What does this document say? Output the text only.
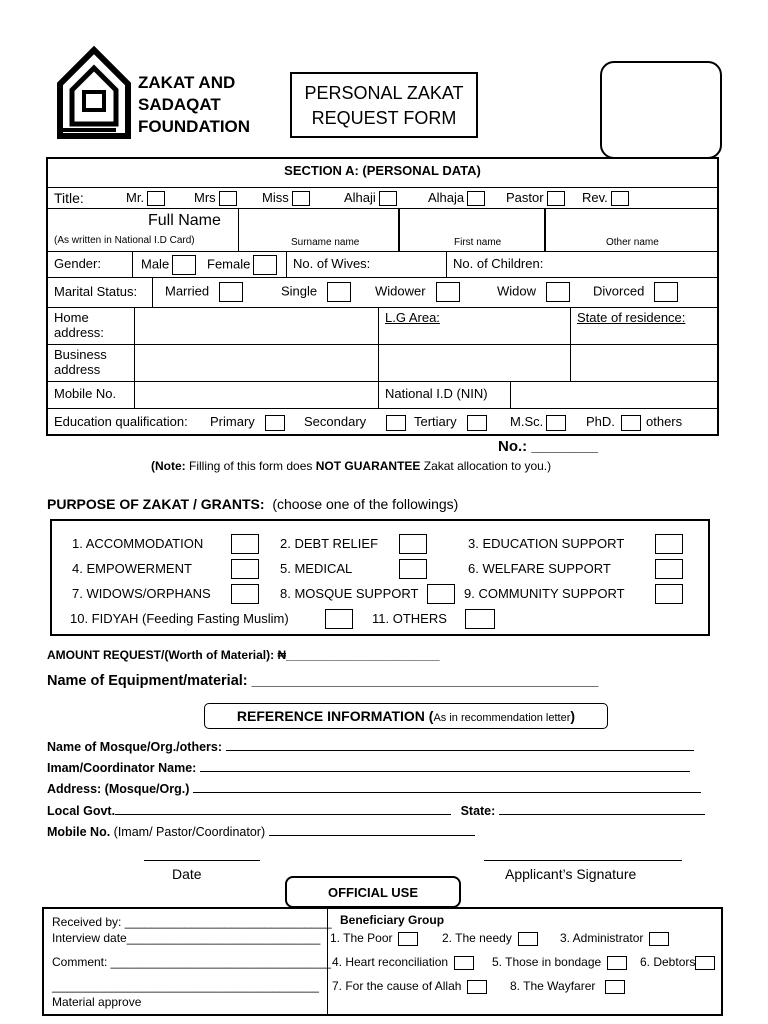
ZAKAT AND
SADAQAT
FOUNDATION
PERSONAL ZAKAT
REQUEST FORM
SECTION A: (PERSONAL DATA)
Title:	Mr.	Mrs	Miss	Alhaji	Alhaja	Pastor	Rev.
Full Name
(As written in National I.D Card)	Surname name	First name	Other name
Gender:	Male	Female	No. of Wives:	No. of Children:
Marital Status: Married	Single	Widower	Widow	Divorced
Home
address:
L.G Area:	State of residence:
Business
address
Mobile No.	National I.D (NIN)
Education qualification: Primary	Secondary	Tertiary	M.Sc.	PhD.	others
No.: ________
(Note: Filling of this form does NOT GUARANTEE Zakat allocation to you.)
PURPOSE OF ZAKAT / GRANTS: (choose one of the followings)
1. ACCOMMODATION	2. DEBT RELIEF	3. EDUCATION SUPPORT
4. EMPOWERMENT	5. MEDICAL	6. WELFARE SUPPORT
7. WIDOWS/ORPHANS	8. MOSQUE SUPPORT	9. COMMUNITY SUPPORT
10. FIDYAH (Feeding Fasting Muslim)	11. OTHERS
AMOUNT REQUEST/(Worth of Material): ₦_______________________
Name of Equipment/material: ___________________________________________
REFERENCE INFORMATION (As in recommendation letter)
Name of Mosque/Org./others:
Imam/Coordinator Name:
Address: (Mosque/Org.)
Local Govt.	State:
Mobile No. (Imam/ Pastor/Coordinator)
Date	Applicant’s Signature
OFFICIAL USE
Received by: _______________________________
Interview date_____________________________
Comment: _________________________________
________________________________________
Material approve
Beneficiary Group
1. The Poor	2. The needy	3. Administrator
4. Heart reconciliation	5. Those in bondage	6. Debtors
7. For the cause of Allah	8. The Wayfarer
